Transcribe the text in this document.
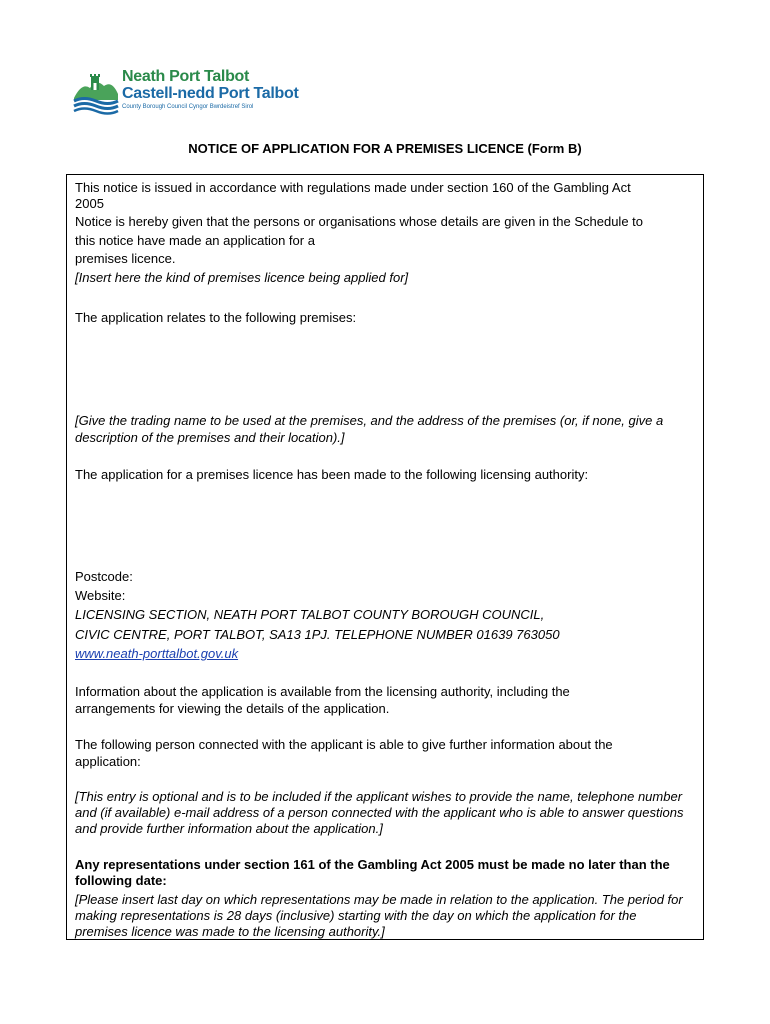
Neath Port Talbot
Castell-nedd Port Talbot
County Borough Council Cyngor Bwrdeistref Sirol
NOTICE OF APPLICATION FOR A PREMISES LICENCE (Form B)

This notice is issued in accordance with regulations made under section 160 of the Gambling Act

2005

Notice is hereby given that the persons or organisations whose details are given in the Schedule to

this notice have made an application for a

premises licence.

[Insert here the kind of premises licence being applied for]

The application relates to the following premises:

[Give the trading name to be used at the premises, and the address of the premises (or, if none, give a description of the premises and their location).]

The application for a premises licence has been made to the following licensing authority:

Postcode:

Website:

LICENSING SECTION, NEATH PORT TALBOT COUNTY BOROUGH COUNCIL,

CIVIC CENTRE, PORT TALBOT, SA13 1PJ. TELEPHONE NUMBER 01639 763050

www.neath-porttalbot.gov.uk

Information about the application is available from the licensing authority, including the arrangements for viewing the details of the application.

The following person connected with the applicant is able to give further information about the application:

[This entry is optional and is to be included if the applicant wishes to provide the name, telephone number and (if available) e-mail address of a person connected with the applicant who is able to answer questions and provide further information about the application.]

Any representations under section 161 of the Gambling Act 2005 must be made no later than the following date:

[Please insert last day on which representations may be made in relation to the application. The period for making representations is 28 days (inclusive) starting with the day on which the application for the premises licence was made to the licensing authority.]
